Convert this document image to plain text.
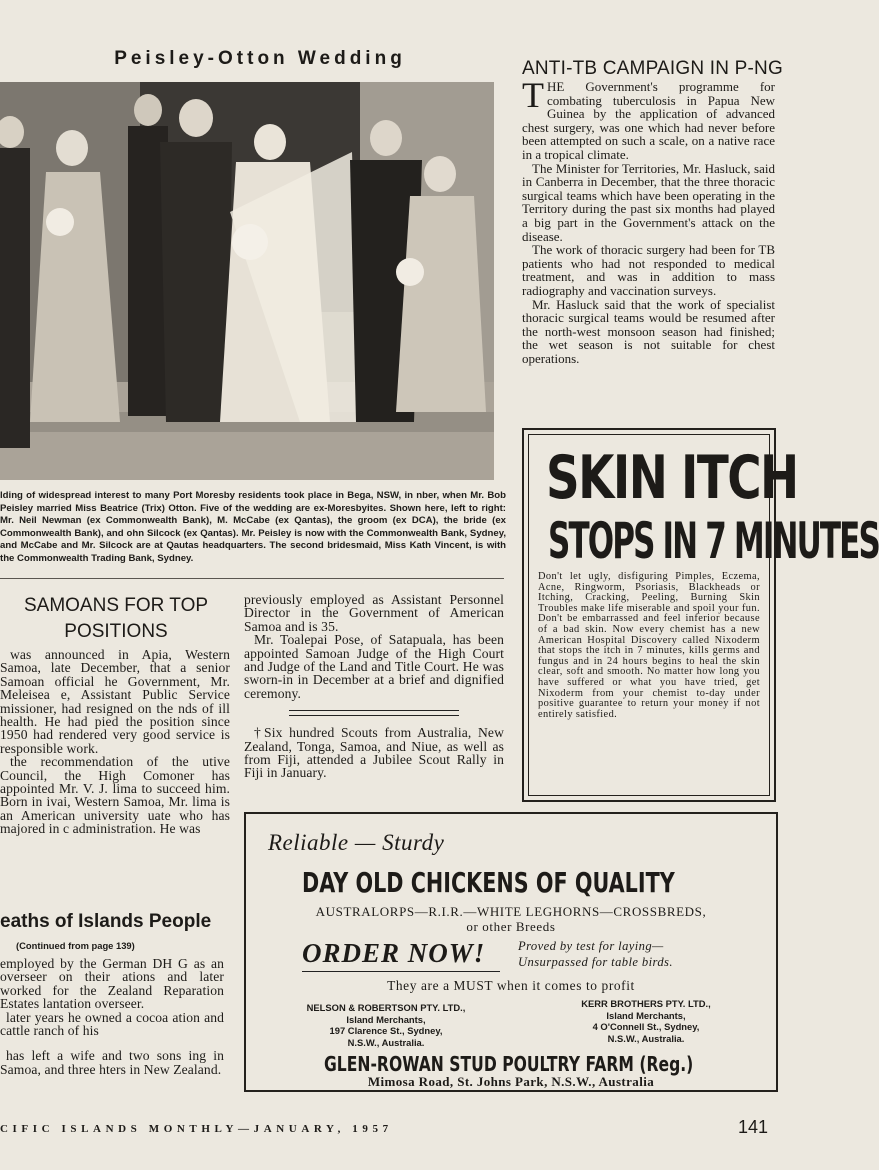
Peisley-Otton Wedding
lding of widespread interest to many Port Moresby residents took place in Bega, NSW, in nber, when Mr. Bob Peisley married Miss Beatrice (Trix) Otton. Five of the wedding are ex-Moresbyites. Shown here, left to right: Mr. Neil Newman (ex Commonwealth Bank), M. McCabe (ex Qantas), the groom (ex DCA), the bride (ex Commonwealth Bank), and ohn Silcock (ex Qantas). Mr. Peisley is now with the Commonwealth Bank, Sydney, and McCabe and Mr. Silcock are at Qautas headquarters. The second bridesmaid, Miss Kath Vincent, is with the Commonwealth Trading Bank, Sydney.
ANTI-TB CAMPAIGN IN P-NG

THE Government's programme for combating tuberculosis in Papua New Guinea by the application of advanced chest surgery, was one which had never before been attempted on such a scale, on a native race in a tropical climate.

The Minister for Territories, Mr. Hasluck, said in Canberra in December, that the three thoracic surgical teams which have been operating in the Territory during the past six months had played a big part in the Government's attack on the disease.

The work of thoracic surgery had been for TB patients who had not responded to medical treatment, and was in addition to mass radiography and vaccination surveys.

Mr. Hasluck said that the work of specialist thoracic surgical teams would be resumed after the north-west monsoon season had finished; the wet season is not suitable for chest operations.

SKIN ITCH
STOPS IN 7 MINUTES
Don't let ugly, disfiguring Pimples, Eczema, Acne, Ringworm, Psoriasis, Blackheads or Itching, Cracking, Peeling, Burning Skin Troubles make life miserable and spoil your fun. Don't be embarrassed and feel inferior because of a bad skin. Now every chemist has a new American Hospital Discovery called Nixoderm that stops the itch in 7 minutes, kills germs and fungus and in 24 hours begins to heal the skin clear, soft and smooth. No matter how long you have suffered or what you have tried, get Nixoderm from your chemist to-day under positive guarantee to return your money if not entirely satisfied.
SAMOANS FOR TOP
POSITIONS

was announced in Apia, Western Samoa, late December, that a senior Samoan official he Government, Mr. Meleisea e, Assistant Public Service missioner, had resigned on the nds of ill health. He had pied the position since 1950 had rendered very good service is responsible work.

the recommendation of the utive Council, the High Comoner has appointed Mr. V. J. lima to succeed him. Born in ivai, Western Samoa, Mr. lima is an American university uate who has majored in c administration. He was

previously employed as Assistant Personnel Director in the Government of American Samoa and is 35.

Mr. Toalepai Pose, of Satapuala, has been appointed Samoan Judge of the High Court and Judge of the Land and Title Court. He was sworn-in in December at a brief and dignified ceremony.

†Six hundred Scouts from Australia, New Zealand, Tonga, Samoa, and Niue, as well as from Fiji, attended a Jubilee Scout Rally in Fiji in January.

eaths of Islands People
(Continued from page 139)

employed by the German DH G as an overseer on their ations and later worked for the Zealand Reparation Estates lantation overseer.

later years he owned a cocoa ation and cattle ranch of his

has left a wife and two sons ing in Samoa, and three hters in New Zealand.

Reliable — Sturdy
DAY OLD CHICKENS OF QUALITY
AUSTRALORPS—R.I.R.—WHITE LEGHORNS—CROSSBREDS,
or other Breeds
ORDER NOW!	Proved by test for laying—
Unsurpassed for table birds.
They are a MUST when it comes to profit
NELSON & ROBERTSON PTY. LTD.,
Island Merchants,
197 Clarence St., Sydney,
N.S.W., Australia.
KERR BROTHERS PTY. LTD.,
Island Merchants,
4 O'Connell St., Sydney,
N.S.W., Australia.
GLEN-ROWAN STUD POULTRY FARM (Reg.)
Mimosa Road, St. Johns Park, N.S.W., Australia
CIFIC ISLANDS MONTHLY—JANUARY, 1957	141
